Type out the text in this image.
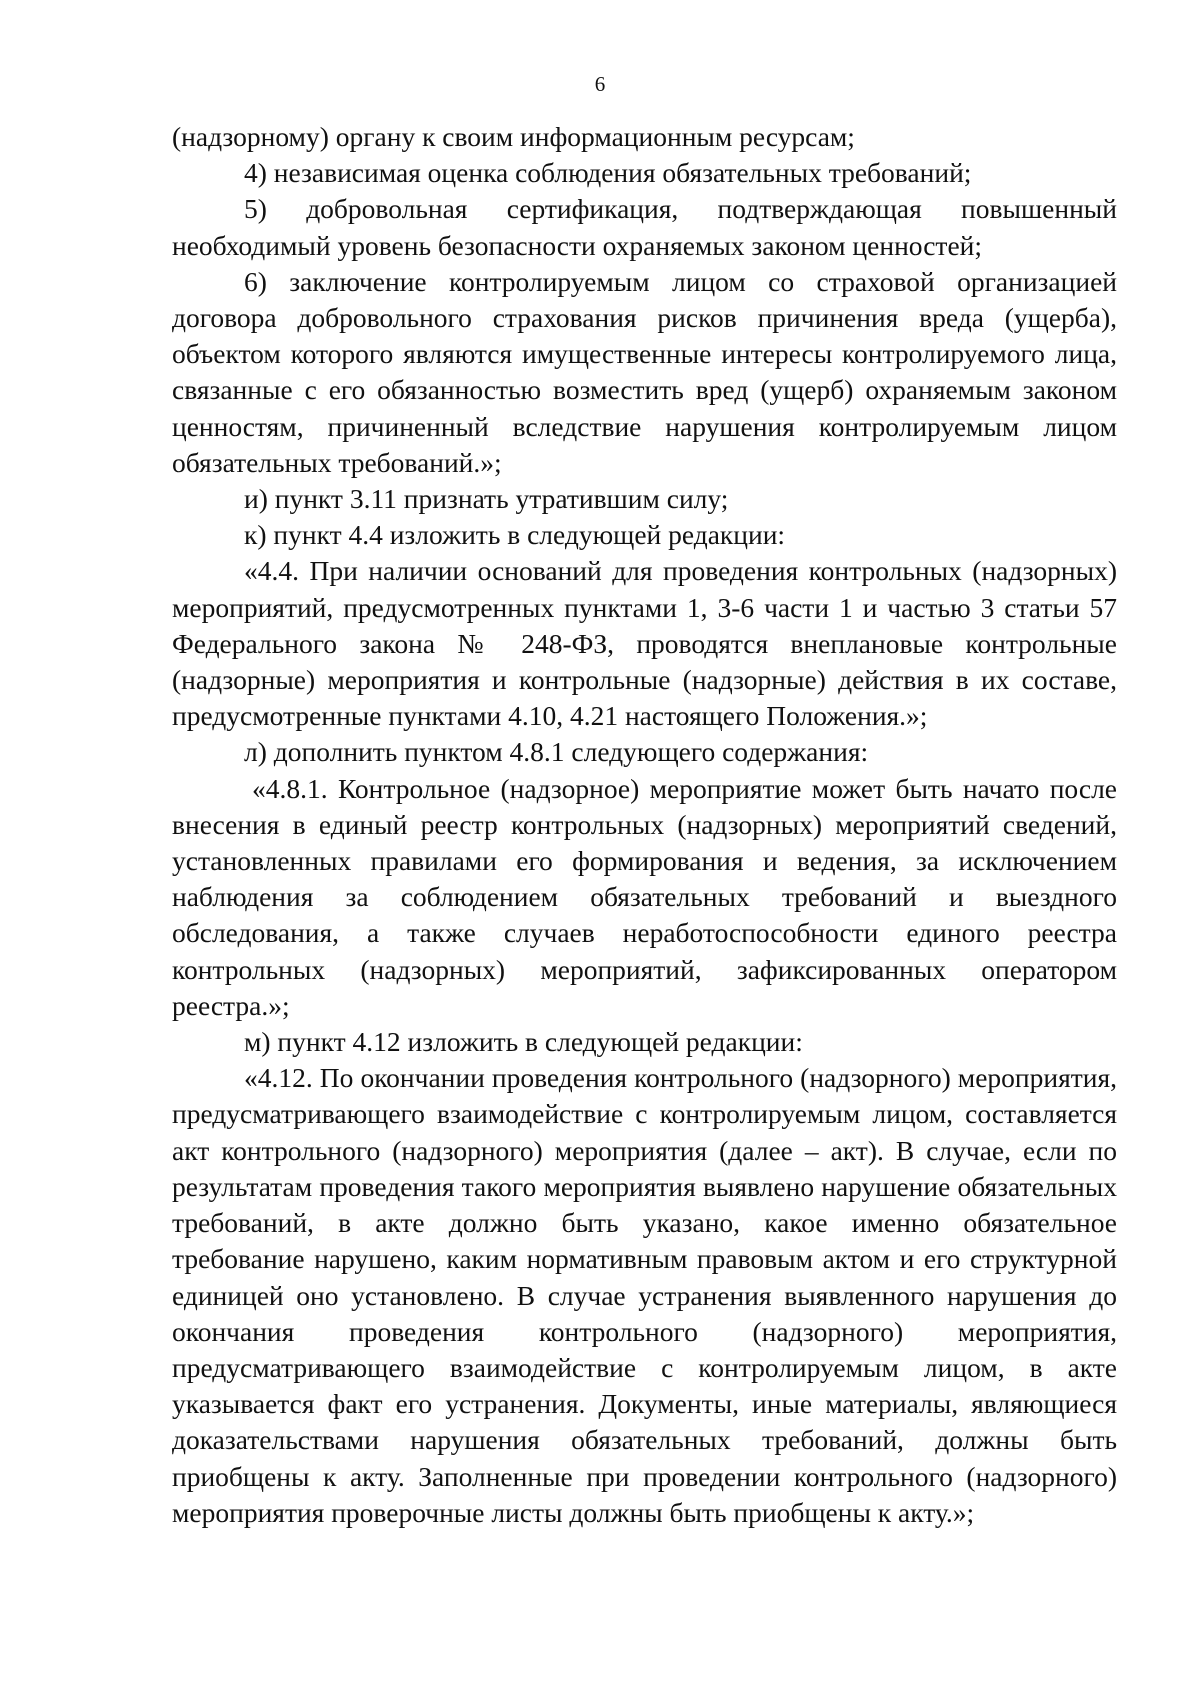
6

(надзорному) органу к своим информационным ресурсам;

4) независимая оценка соблюдения обязательных требований;

5) добровольная сертификация, подтверждающая повышенный необходимый уровень безопасности охраняемых законом ценностей;

6) заключение контролируемым лицом со страховой организацией договора добровольного страхования рисков причинения вреда (ущерба), объектом которого являются имущественные интересы контролируемого лица, связанные с его обязанностью возместить вред (ущерб) охраняемым законом ценностям, причиненный вследствие нарушения контролируемым лицом обязательных требований.»;

и) пункт 3.11 признать утратившим силу;

к) пункт 4.4 изложить в следующей редакции:

«4.4. При наличии оснований для проведения контрольных (надзорных) мероприятий, предусмотренных пунктами 1, 3-6 части 1 и частью 3 статьи 57 Федерального закона № 248-ФЗ, проводятся внеплановые контрольные (надзорные) мероприятия и контрольные (надзорные) действия в их составе, предусмотренные пунктами 4.10, 4.21 настоящего Положения.»;

л) дополнить пунктом 4.8.1 следующего содержания:

«4.8.1. Контрольное (надзорное) мероприятие может быть начато после внесения в единый реестр контрольных (надзорных) мероприятий сведений, установленных правилами его формирования и ведения, за исключением наблюдения за соблюдением обязательных требований и выездного обследования, а также случаев неработоспособности единого реестра контрольных (надзорных) мероприятий, зафиксированных оператором реестра.»;

м) пункт 4.12 изложить в следующей редакции:

«4.12. По окончании проведения контрольного (надзорного) мероприятия, предусматривающего взаимодействие с контролируемым лицом, составляется акт контрольного (надзорного) мероприятия (далее – акт). В случае, если по результатам проведения такого мероприятия выявлено нарушение обязательных требований, в акте должно быть указано, какое именно обязательное требование нарушено, каким нормативным правовым актом и его структурной единицей оно установлено. В случае устранения выявленного нарушения до окончания проведения контрольного (надзорного) мероприятия, предусматривающего взаимодействие с контролируемым лицом, в акте указывается факт его устранения. Документы, иные материалы, являющиеся доказательствами нарушения обязательных требований, должны быть приобщены к акту. Заполненные при проведении контрольного (надзорного) мероприятия проверочные листы должны быть приобщены к акту.»;
